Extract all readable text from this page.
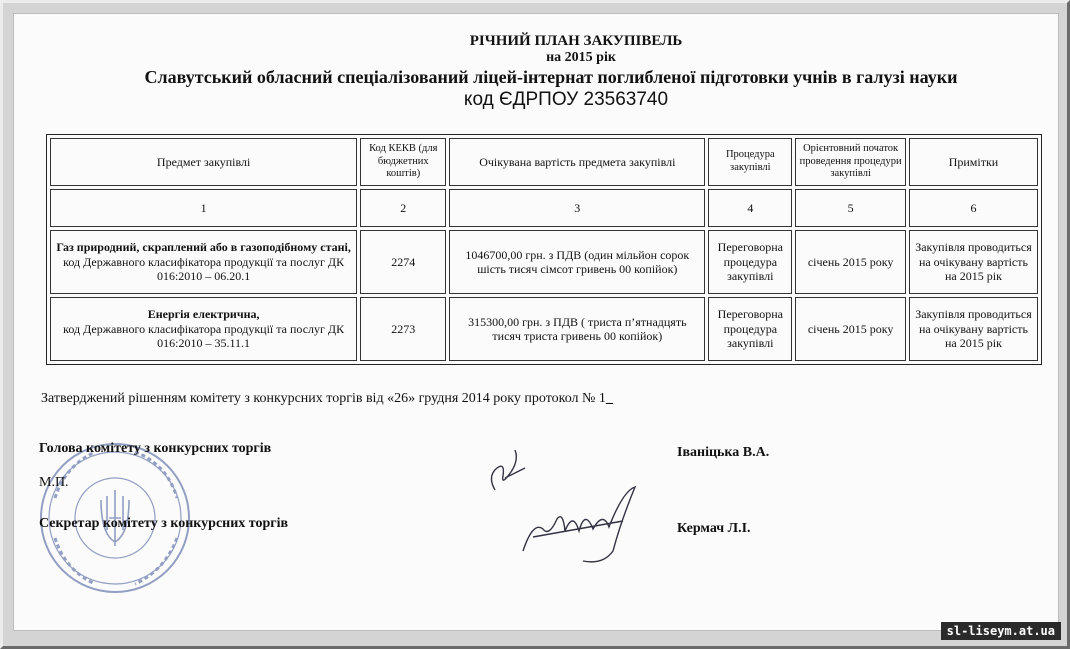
РІЧНИЙ ПЛАН ЗАКУПІВЕЛЬ
на 2015 рік
Славутський обласний спеціалізований ліцей-інтернат поглибленої підготовки учнів в галузі науки
код ЄДРПОУ 23563740
Предмет закупівлі	Код КЕКВ (для бюджетних коштів)	Очікувана вартість предмета закупівлі	Процедура закупівлі	Орієнтовний початок проведення процедури закупівлі	Примітки
1	2	3	4	5	6

Газ природний, скраплений або в газоподібному стані,
код Державного класифікатора продукції та послуг ДК 016:2010 – 06.20.1	2274	1046700,00 грн. з ПДВ (один мільйон сорок шість тисяч сімсот гривень 00 копійок)	Переговорна процедура закупівлі	січень 2015 року	Закупівля проводиться на очікувану вартість на 2015 рік

Енергія електрична,
код Державного класифікатора продукції та послуг ДК 016:2010 – 35.11.1	2273	315300,00 грн. з ПДВ ( триста п’ятнадцять тисяч триста гривень 00 копійок)	Переговорна процедура закупівлі	січень 2015 року	Закупівля проводиться на очікувану вартість на 2015 рік
Затверджений рішенням комітету з конкурсних торгів від «26» грудня 2014 року протокол № 1_
Голова комітету з конкурсних торгів
М.П.
Секретар комітету з конкурсних торгів
Іваніцька В.А.
Кермач Л.І.
sl-liseym.at.ua
